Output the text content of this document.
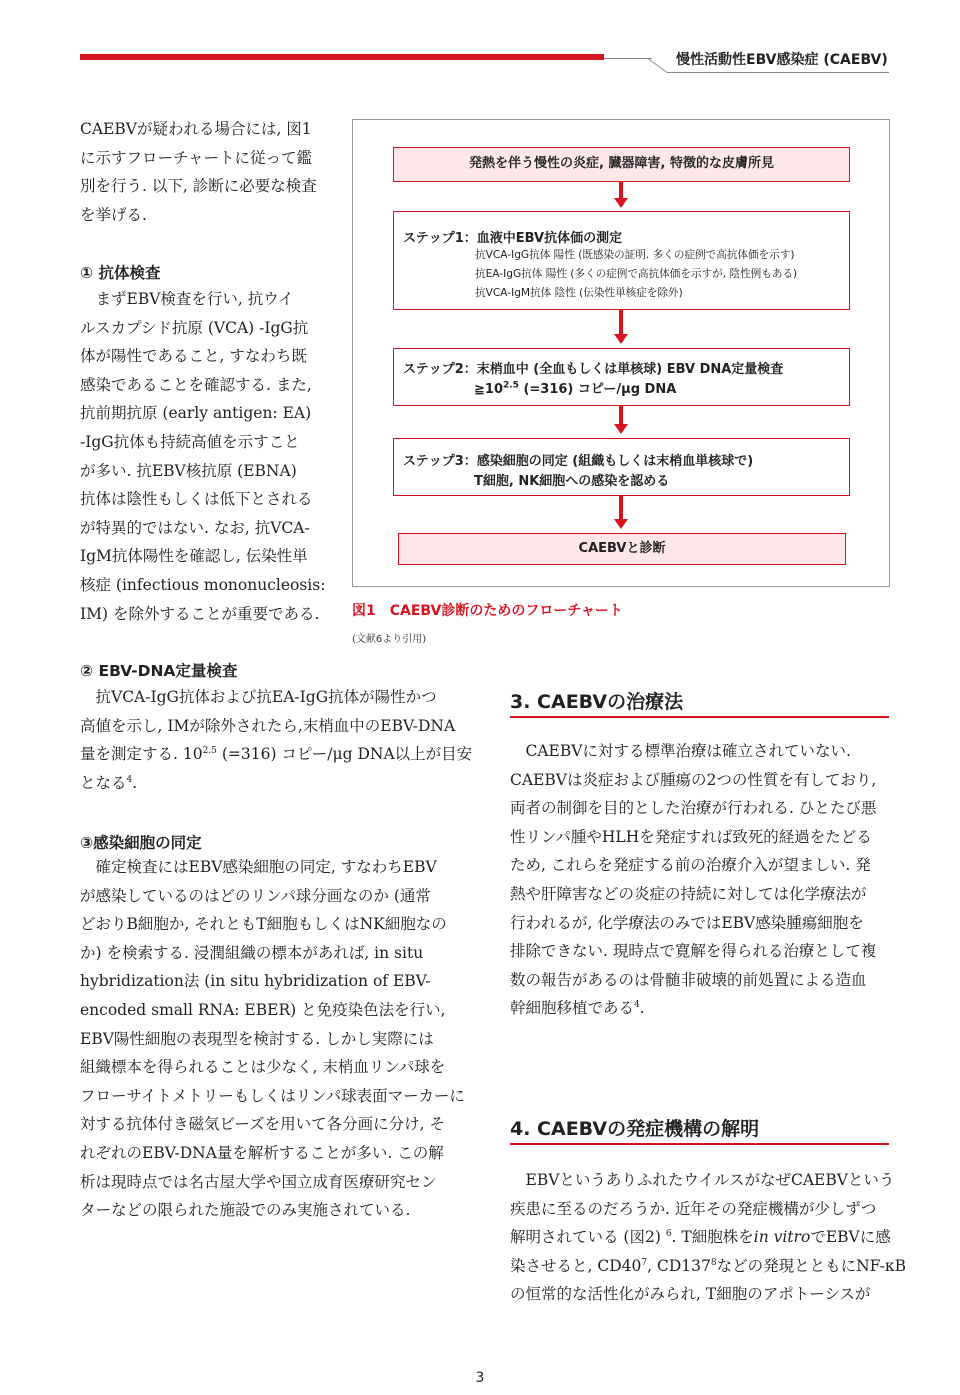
慢性活動性EBV感染症 (CAEBV)
CAEBVが疑われる場合には, 図1
に示すフローチャートに従って鑑
別を行う. 以下, 診断に必要な検査
を挙げる.
① 抗体検査
　まずEBV検査を行い, 抗ウイ
ルスカプシド抗原 (VCA) -IgG抗
体が陽性であること, すなわち既
感染であることを確認する. また,
抗前期抗原 (early antigen: EA)
-IgG抗体も持続高値を示すこと
が多い. 抗EBV核抗原 (EBNA)
抗体は陰性もしくは低下とされる
が特異的ではない. なお, 抗VCA-
IgM抗体陽性を確認し, 伝染性単
核症 (infectious mononucleosis:
IM) を除外することが重要である.
発熱を伴う慢性の炎症, 臓器障害, 特徴的な皮膚所見
ステップ1：血液中EBV抗体価の測定
抗VCA-IgG抗体 陽性 (既感染の証明. 多くの症例で高抗体価を示す)
抗EA-IgG抗体 陽性 (多くの症例で高抗体価を示すが, 陰性例もある)
抗VCA-IgM抗体 陰性 (伝染性単核症を除外)
ステップ2：末梢血中 (全血もしくは単核球) EBV DNA定量検査
$≧10^{2.5}$ (=316) コピー/μg DNA
ステップ3：感染細胞の同定 (組織もしくは末梢血単核球で)
T細胞, NK細胞への感染を認める
CAEBVと診断
図1　CAEBV診断のためのフローチャート
(文献6より引用)
② EBV-DNA定量検査
　抗VCA-IgG抗体および抗EA-IgG抗体が陽性かつ
高値を示し, IMが除外されたら,末梢血中のEBV-DNA
量を測定する. $10^{2.5}$ (=316) コピー/μg DNA以上が目安
となる$^4$.
③感染細胞の同定
　確定検査にはEBV感染細胞の同定, すなわちEBV
が感染しているのはどのリンパ球分画なのか (通常
どおりB細胞か, それともT細胞もしくはNK細胞なの
か) を検索する. 浸潤組織の標本があれば, in situ
hybridization法 (in situ hybridization of EBV-
encoded small RNA: EBER) と免疫染色法を行い,
EBV陽性細胞の表現型を検討する. しかし実際には
組織標本を得られることは少なく, 末梢血リンパ球を
フローサイトメトリーもしくはリンパ球表面マーカーに
対する抗体付き磁気ビーズを用いて各分画に分け, そ
れぞれのEBV-DNA量を解析することが多い. この解
析は現時点では名古屋大学や国立成育医療研究セン
ターなどの限られた施設でのみ実施されている.
3. CAEBVの治療法
　CAEBVに対する標準治療は確立されていない.
CAEBVは炎症および腫瘍の2つの性質を有しており,
両者の制御を目的とした治療が行われる. ひとたび悪
性リンパ腫やHLHを発症すれば致死的経過をたどる
ため, これらを発症する前の治療介入が望ましい. 発
熱や肝障害などの炎症の持続に対しては化学療法が
行われるが, 化学療法のみではEBV感染腫瘍細胞を
排除できない. 現時点で寛解を得られる治療として複
数の報告があるのは骨髄非破壊的前処置による造血
幹細胞移植である$^4$.
4. CAEBVの発症機構の解明
　EBVというありふれたウイルスがなぜCAEBVという
疾患に至るのだろうか. 近年その発症機構が少しずつ
解明されている (図2) $^6$. T細胞株をin vitroでEBVに感
染させると, $CD40^7$, $CD137^8$などの発現とともにNF-κB
の恒常的な活性化がみられ, T細胞のアポトーシスが
3
